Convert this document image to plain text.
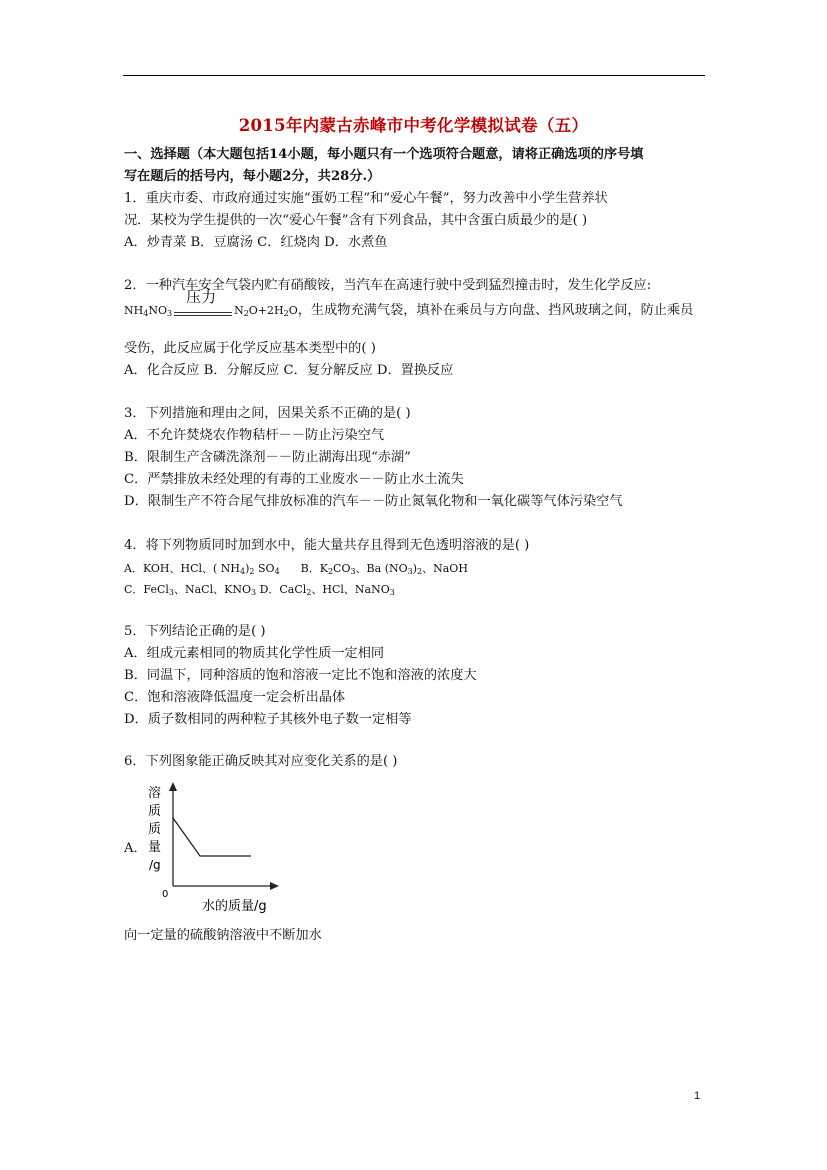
2015年内蒙古赤峰市中考化学模拟试卷（五）
一、选择题（本大题包括14小题，每小题只有一个选项符合题意，请将正确选项的序号填
写在题后的括号内，每小题2分，共28分.）
1．重庆市委、市政府通过实施“蛋奶工程”和“爱心午餐”，努力改善中小学生营养状
况．某校为学生提供的一次“爱心午餐”含有下列食品，其中含蛋白质最少的是( )
A．炒青菜 B．豆腐汤 C．红烧肉 D．水煮鱼
2．一种汽车安全气袋内贮有硝酸铵，当汽车在高速行驶中受到猛烈撞击时，发生化学反应:
$NH_4NO_3$
压力
$N_2O+2H_2O$，生成物充满气袋，填补在乘员与方向盘、挡风玻璃之间，防止乘员
受伤，此反应属于化学反应基本类型中的( )
A．化合反应 B．分解反应 C．复分解反应 D．置换反应
3．下列措施和理由之间，因果关系不正确的是( )
A．不允许焚烧农作物秸杆－－防止污染空气
B．限制生产含磷洗涤剂－－防止湖海出现“赤湖”
C．严禁排放未经处理的有毒的工业废水－－防止水土流失
D．限制生产不符合尾气排放标准的汽车－－防止氮氧化物和一氧化碳等气体污染空气
4．将下列物质同时加到水中，能大量共存且得到无色透明溶液的是( )
A．KOH、HCl、( $NH_4)_2$ $SO_4$      B．$K_2CO_3$、Ba $(NO_3)_2$、NaOH
C．FeCl$_3$、NaCl、$KNO_3$ D．CaCl$_2$、HCl、NaNO$_3$
5．下列结论正确的是( )
A．组成元素相同的物质其化学性质一定相同
B．同温下，同种溶质的饱和溶液一定比不饱和溶液的浓度大
C．饱和溶液降低温度一定会析出晶体
D．质子数相同的两种粒子其核外电子数一定相等
6．下列图象能正确反映其对应变化关系的是( )
A．
溶
质
质
量
/g
0
水的质量/g
向一定量的硫酸钠溶液中不断加水
1
